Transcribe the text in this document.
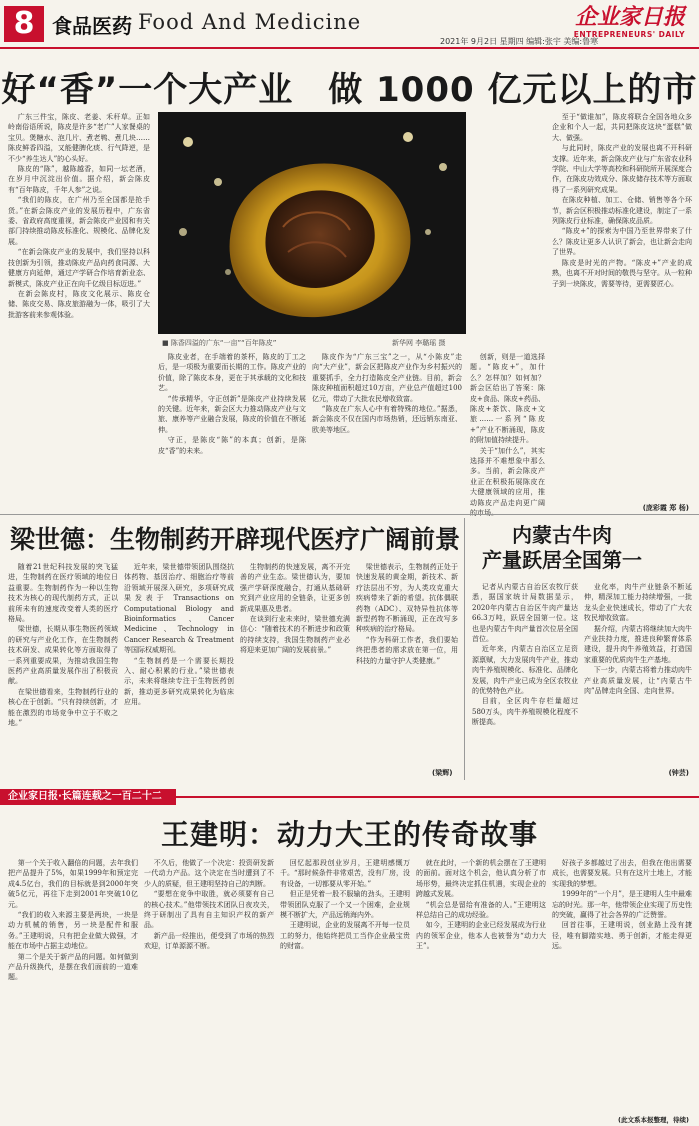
8 食品医药 Food And Medicine	企业家日报
ENTREPRENEURS' DAILY
2021年 9月2日 星期四 编辑:张宇 美编:鲁寒
好“香”一个大产业　做 1000 亿元以上的市

广东三件宝，陈皮、老姜、禾秆草。正如岭南俗语所说，陈皮是许多“老广”人家餐桌的宝贝。煲糖水、泡几片、煮老鸭、煮几块……陈皮鲜香四溢，又能健脾化痰、行气降逆，是不少“养生达人”的心头好。

陈皮的“陈”，越陈越香，如同一坛老酒，在岁月中沉淀出价值。据介绍，新会陈皮有“百年陈皮，千年人参”之说。

“我们的陈皮，在广州乃至全国都是抢手货。”在新会陈皮产业的发展历程中，广东省委、省政府高度重视，新会陈皮产业园和有关部门持续推动陈皮标准化、规模化、品牌化发展。

“在新会陈皮产业的发展中，我们坚持以科技创新为引领，推动陈皮产品向药食同源、大健康方向延伸，通过产学研合作培育新业态、新模式，陈皮产业正在向千亿级目标迈进。”

在新会陈皮村，陈皮文化展示、陈皮仓储、陈皮交易、陈皮旅游融为一体，吸引了大批游客前来参观体验。

■ 陈香四溢的广东“一亩”“百年陈皮”	新华网 李璐瑶 摄

陈皮业者，在手端着的茶杯，陈皮的丁工之后，是一项极为重要而长期的工作。陈皮产业的价值，除了陈皮本身，更在于其承载的文化和技艺。

“传承精华，守正创新”是陈皮产业持续发展的关键。近年来，新会区大力推动陈皮产业与文旅、康养等产业融合发展，陈皮的价值在不断延伸。

守正，是陈皮“陈”的本真；创新，是陈皮“香”的未来。

陈皮作为“广东三宝”之一，从“小陈皮”走向“大产业”，新会区把陈皮产业作为乡村振兴的重要抓手，全力打造陈皮全产业链。目前，新会陈皮种植面积超过10万亩，产业总产值超过100亿元，带动了大批农民增收致富。

“陈皮在广东人心中有着特殊的地位。”据悉，新会陈皮不仅在国内市场热销，还远销东南亚、欧美等地区。

创新，则是一道选择题。“陈皮+”，加什么？怎样加？如何加？新会区给出了答案：陈皮+食品、陈皮+药品、陈皮+茶饮、陈皮+文旅……一系列“陈皮+”产业不断涌现，陈皮的附加值持续提升。

关于“加什么”，其实选择并不难想象中那么多。当前，新会陈皮产业正在积极拓展陈皮在大健康领域的应用，推动陈皮产品走向更广阔

至于“做谁加”，陈皮将联合全国各地众多企业和个人一起，共同把陈皮这块“蛋糕”做大、做强。

与此同时，陈皮产业的发展也离不开科研支撑。近年来，新会陈皮产业与广东省农业科学院、中山大学等高校和科研院所开展深度合作，在陈皮功效成分、陈皮储存技术等方面取得了一系列研究成果。

在陈皮种植、加工、仓储、销售等各个环节，新会区积极推动标准化建设，制定了一系列陈皮行业标准，确保陈皮品质。

“陈皮+”的探索为中国乃至世界带来了什么？陈皮让更多人认识了新会，也让新会走向了世界。

陈皮是时光的产物。“陈皮+”产业的成熟，也离不开对时间的敬畏与坚守。从一粒种子到一块陈皮，需要等待，更需要匠心。

(庞彩霞 郑 杨)
梁世德：生物制药开辟现代医疗广阔前景

随着21世纪科技发展的突飞猛进，生物制药在医疗领域的地位日益重要。生物制药作为一种以生物技术为核心的现代制药方式，正以前所未有的速度改变着人类的医疗格局。

梁世德，长期从事生物医药领域的研究与产业化工作，在生物制药技术研发、成果转化等方面取得了一系列重要成果，为推动我国生物医药产业高质量发展作出了积极贡献。

在梁世德看来，生物制药行业的核心在于创新。“只有持续创新，才能在激烈的市场竞争中立于不败之地。”

近年来，梁世德带领团队围绕抗体药物、基因治疗、细胞治疗等前沿领域开展深入研究，多项研究成果发表于 Transactions on Computational Biology and Bioinformatics、Cancer Medicine、Technology in Cancer Research & Treatment 等国际权威期刊。

“生物制药是一个需要长期投入、耐心积累的行业。”梁世德表示，未来将继续专注于生物医药创新，推动更多研究成果转化为临床应用。

生物制药的快速发展，离不开完善的产业生态。梁世德认为，要加强产学研深度融合，打通从基础研究到产业应用的全链条，让更多创新成果惠及患者。

在谈到行业未来时，梁世德充满信心：“随着技术的不断进步和政策的持续支持，我国生物制药产业必将迎来更加广阔的发展前景。”

梁世德表示，生物制药正处于快速发展的黄金期，新技术、新疗法层出不穷，为人类攻克重大疾病带来了新的希望。抗体偶联药物（ADC）、双特异性抗体等新型药物不断涌现，正在改写多种疾病的治疗格局。

“作为科研工作者，我们要始终把患者的需求放在第一位，用科技的力量守护人类健康。”

(梁辉)
内蒙古牛肉
产量跃居全国第一

记者从内蒙古自治区农牧厅获悉，据国家统计局数据显示，2020年内蒙古自治区牛肉产量达66.3万吨，跃居全国第一位。这也是内蒙古牛肉产量首次位居全国首位。

近年来，内蒙古自治区立足资源禀赋，大力发展肉牛产业，推动肉牛养殖规模化、标准化、品牌化发展，肉牛产业已成为全区农牧业的优势特色产业。

目前，全区肉牛存栏量超过580万头，肉牛养殖规模化程度不断提高。

业化率，肉牛产业链条不断延伸，精深加工能力持续增强，一批龙头企业快速成长，带动了广大农牧民增收致富。

据介绍，内蒙古将继续加大肉牛产业扶持力度，推进良种繁育体系建设，提升肉牛养殖效益，打造国家重要的优质肉牛生产基地。

下一步，内蒙古将着力推动肉牛产业高质量发展，让“内蒙古牛肉”品牌走向全国、走向世界。

(钟芸)
企业家日报·长篇连载之一百二十二
王建明：动力大王的传奇故事

第一个关于收入翻倍的问题，去年我们把产品提升了5%，如果1999年和预定完成4.5亿台，我们的目标就是到2000年突破5亿元，再往下走到2001年突破10亿元。

“我们的收入来源主要是两块，一块是动力机械的销售，另一块是配件和服务。”王建明说，只有把企业做大做强，才能在市场中占据主动地位。

第二个是关于新产品的问题。如何做到产品升级换代，是摆在我们面前的一道难题。

不久后，他做了一个决定：投资研发新一代动力产品。这个决定在当时遭到了不少人的质疑，但王建明坚持自己的判断。

“要想在竞争中取胜，就必须要有自己的核心技术。”他带领技术团队日夜攻关，终于研制出了具有自主知识产权的新产品。

新产品一经推出，便受到了市场的热烈欢迎，订单源源不断。

回忆起那段创业岁月，王建明感慨万千。“那时候条件非常艰苦，没有厂房，没有设备，一切都要从零开始。”

但正是凭着一股不服输的劲头，王建明带领团队克服了一个又一个困难，企业规模不断扩大，产品远销海内外。

王建明说，企业的发展离不开每一位员工的努力，他始终把员工当作企业最宝贵的财富。

就在此时，一个新的机会摆在了王建明的面前。面对这个机会，他认真分析了市场形势，最终决定抓住机遇，实现企业的跨越式发展。

“机会总是留给有准备的人。”王建明这样总结自己的成功经验。

如今，王建明的企业已经发展成为行业内的领军企业，他本人也被誉为“动力大王”。

好孩子多都越过了出去，但我在他出需要成长，也需要发展。只有在这片土地上，才能实现我的梦想。

1999年的“一个月”，是王建明人生中最难忘的时光。那一年，他带领企业实现了历史性的突破，赢得了社会各界的广泛赞誉。

回首往事，王建明说，创业路上没有捷径，唯有脚踏实地、勇于创新，才能走得更远。

(此文系本报整理，待续)
